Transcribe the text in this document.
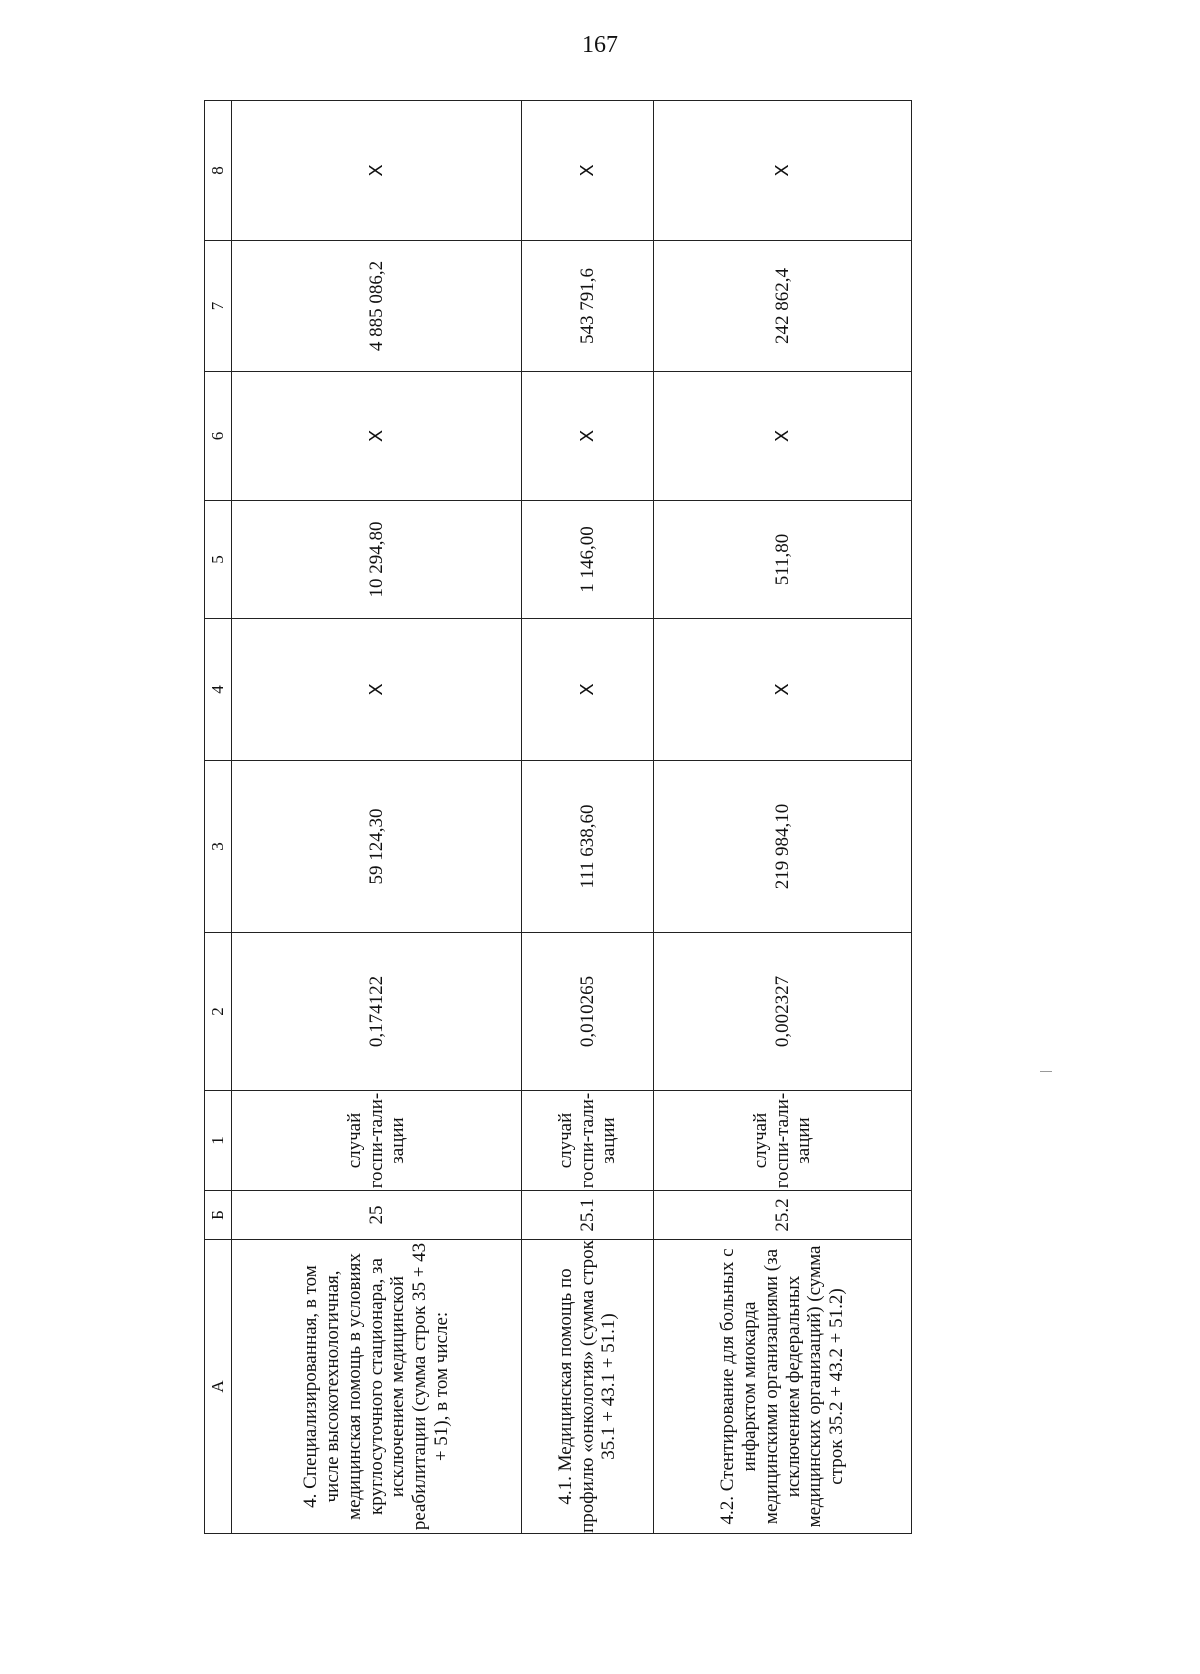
167
А	Б	1	2	3	4	5	6	7	8
4. Специализированная, в том числе высокотехнологичная, медицинская помощь в условиях круглосуточного стационара, за исключением медицинской реабилитации (сумма строк 35 + 43 + 51), в том числе:	25	случай госпи-тали-зации	0,174122	59 124,30	X	10 294,80	X	4 885 086,2	X
4.1. Медицинская помощь по профилю «онкология» (сумма строк 35.1 + 43.1 + 51.1)	25.1	случай госпи-тали-зации	0,010265	111 638,60	X	1 146,00	X	543 791,6	X
4.2. Стентирование для больных с инфарктом миокарда медицинскими организациями (за исключением федеральных медицинских организаций) (сумма строк 35.2 + 43.2 + 51.2)	25.2	случай госпи-тали-зации	0,002327	219 984,10	X	511,80	X	242 862,4	X
